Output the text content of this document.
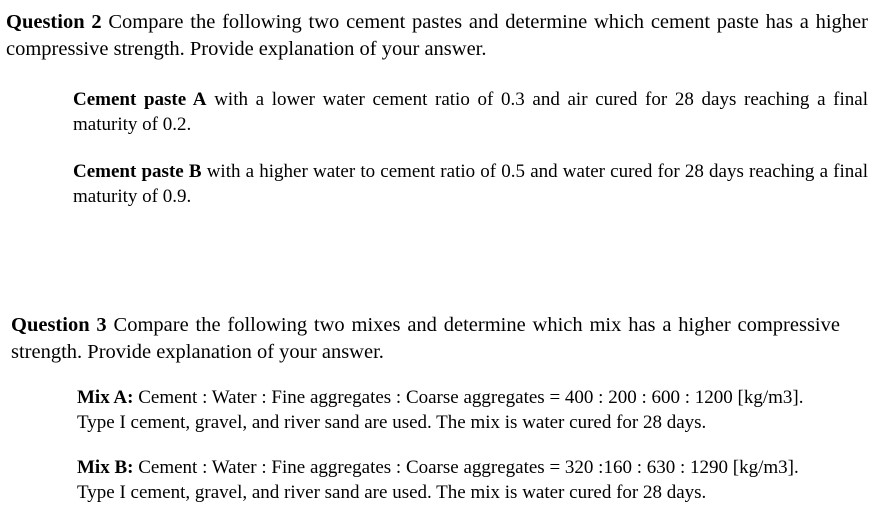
Question 2 Compare the following two cement pastes and determine which cement paste has a higher compressive strength. Provide explanation of your answer.
Cement paste A with a lower water cement ratio of 0.3 and air cured for 28 days reaching a final maturity of 0.2.
Cement paste B with a higher water to cement ratio of 0.5 and water cured for 28 days reaching a final maturity of 0.9.
Question 3 Compare the following two mixes and determine which mix has a higher compressive strength. Provide explanation of your answer.
Mix A: Cement : Water : Fine aggregates : Coarse aggregates = 400 : 200 : 600 : 1200 [kg/m3].
Type I cement, gravel, and river sand are used. The mix is water cured for 28 days.
Mix B: Cement : Water : Fine aggregates : Coarse aggregates = 320 :160 : 630 : 1290 [kg/m3].
Type I cement, gravel, and river sand are used. The mix is water cured for 28 days.
